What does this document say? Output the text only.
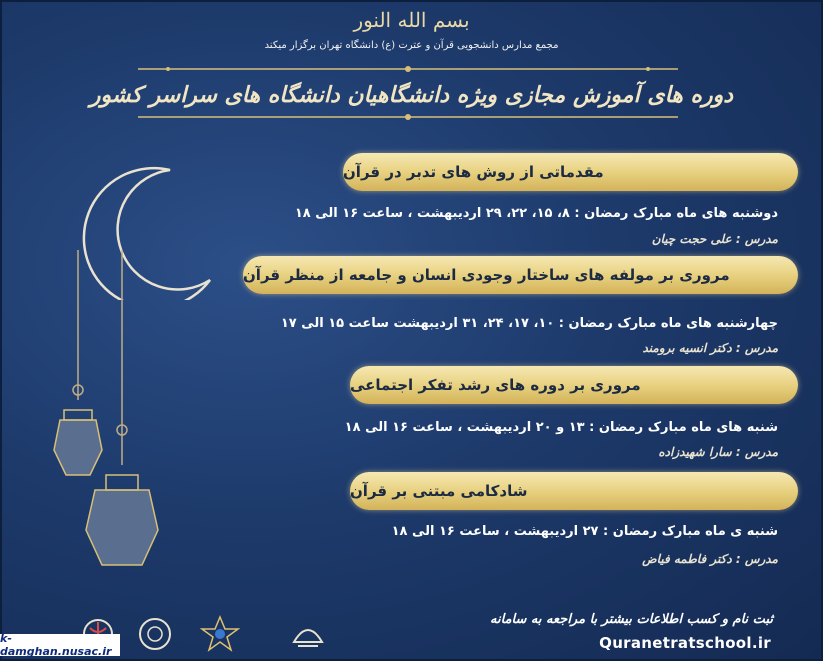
بسم الله النور
مجمع مدارس دانشجویی قرآن و عترت (ع) دانشگاه تهران برگزار میکند
دوره های آموزش مجازی ویژه دانشگاهیان دانشگاه های سراسر کشور
مقدماتی از روش های تدبر در قرآن
دوشنبه های ماه مبارک رمضان : ۸، ۱۵، ۲۲، ۲۹ اردیبهشت ، ساعت ۱۶ الی ۱۸
مدرس : علی حجت چیان
مروری بر مولفه های ساختار وجودی انسان و جامعه از منظر قرآن
چهارشنبه های ماه مبارک رمضان : ۱۰، ۱۷، ۲۴، ۳۱ اردیبهشت ساعت ۱۵ الی ۱۷
مدرس : دکتر انسیه برومند
مروری بر دوره های رشد تفکر اجتماعی
شنبه های ماه مبارک رمضان : ۱۳ و ۲۰ اردیبهشت ، ساعت ۱۶ الی ۱۸
مدرس : سارا شهیدزاده
شادکامی مبتنی بر قرآن
شنبه ی ماه مبارک رمضان : ۲۷ اردیبهشت ، ساعت ۱۶ الی ۱۸
مدرس : دکتر فاطمه فیاض
ثبت نام و کسب اطلاعات بیشتر با مراجعه به سامانه
Quranetratschool.ir
k-damghan.nusac.ir
